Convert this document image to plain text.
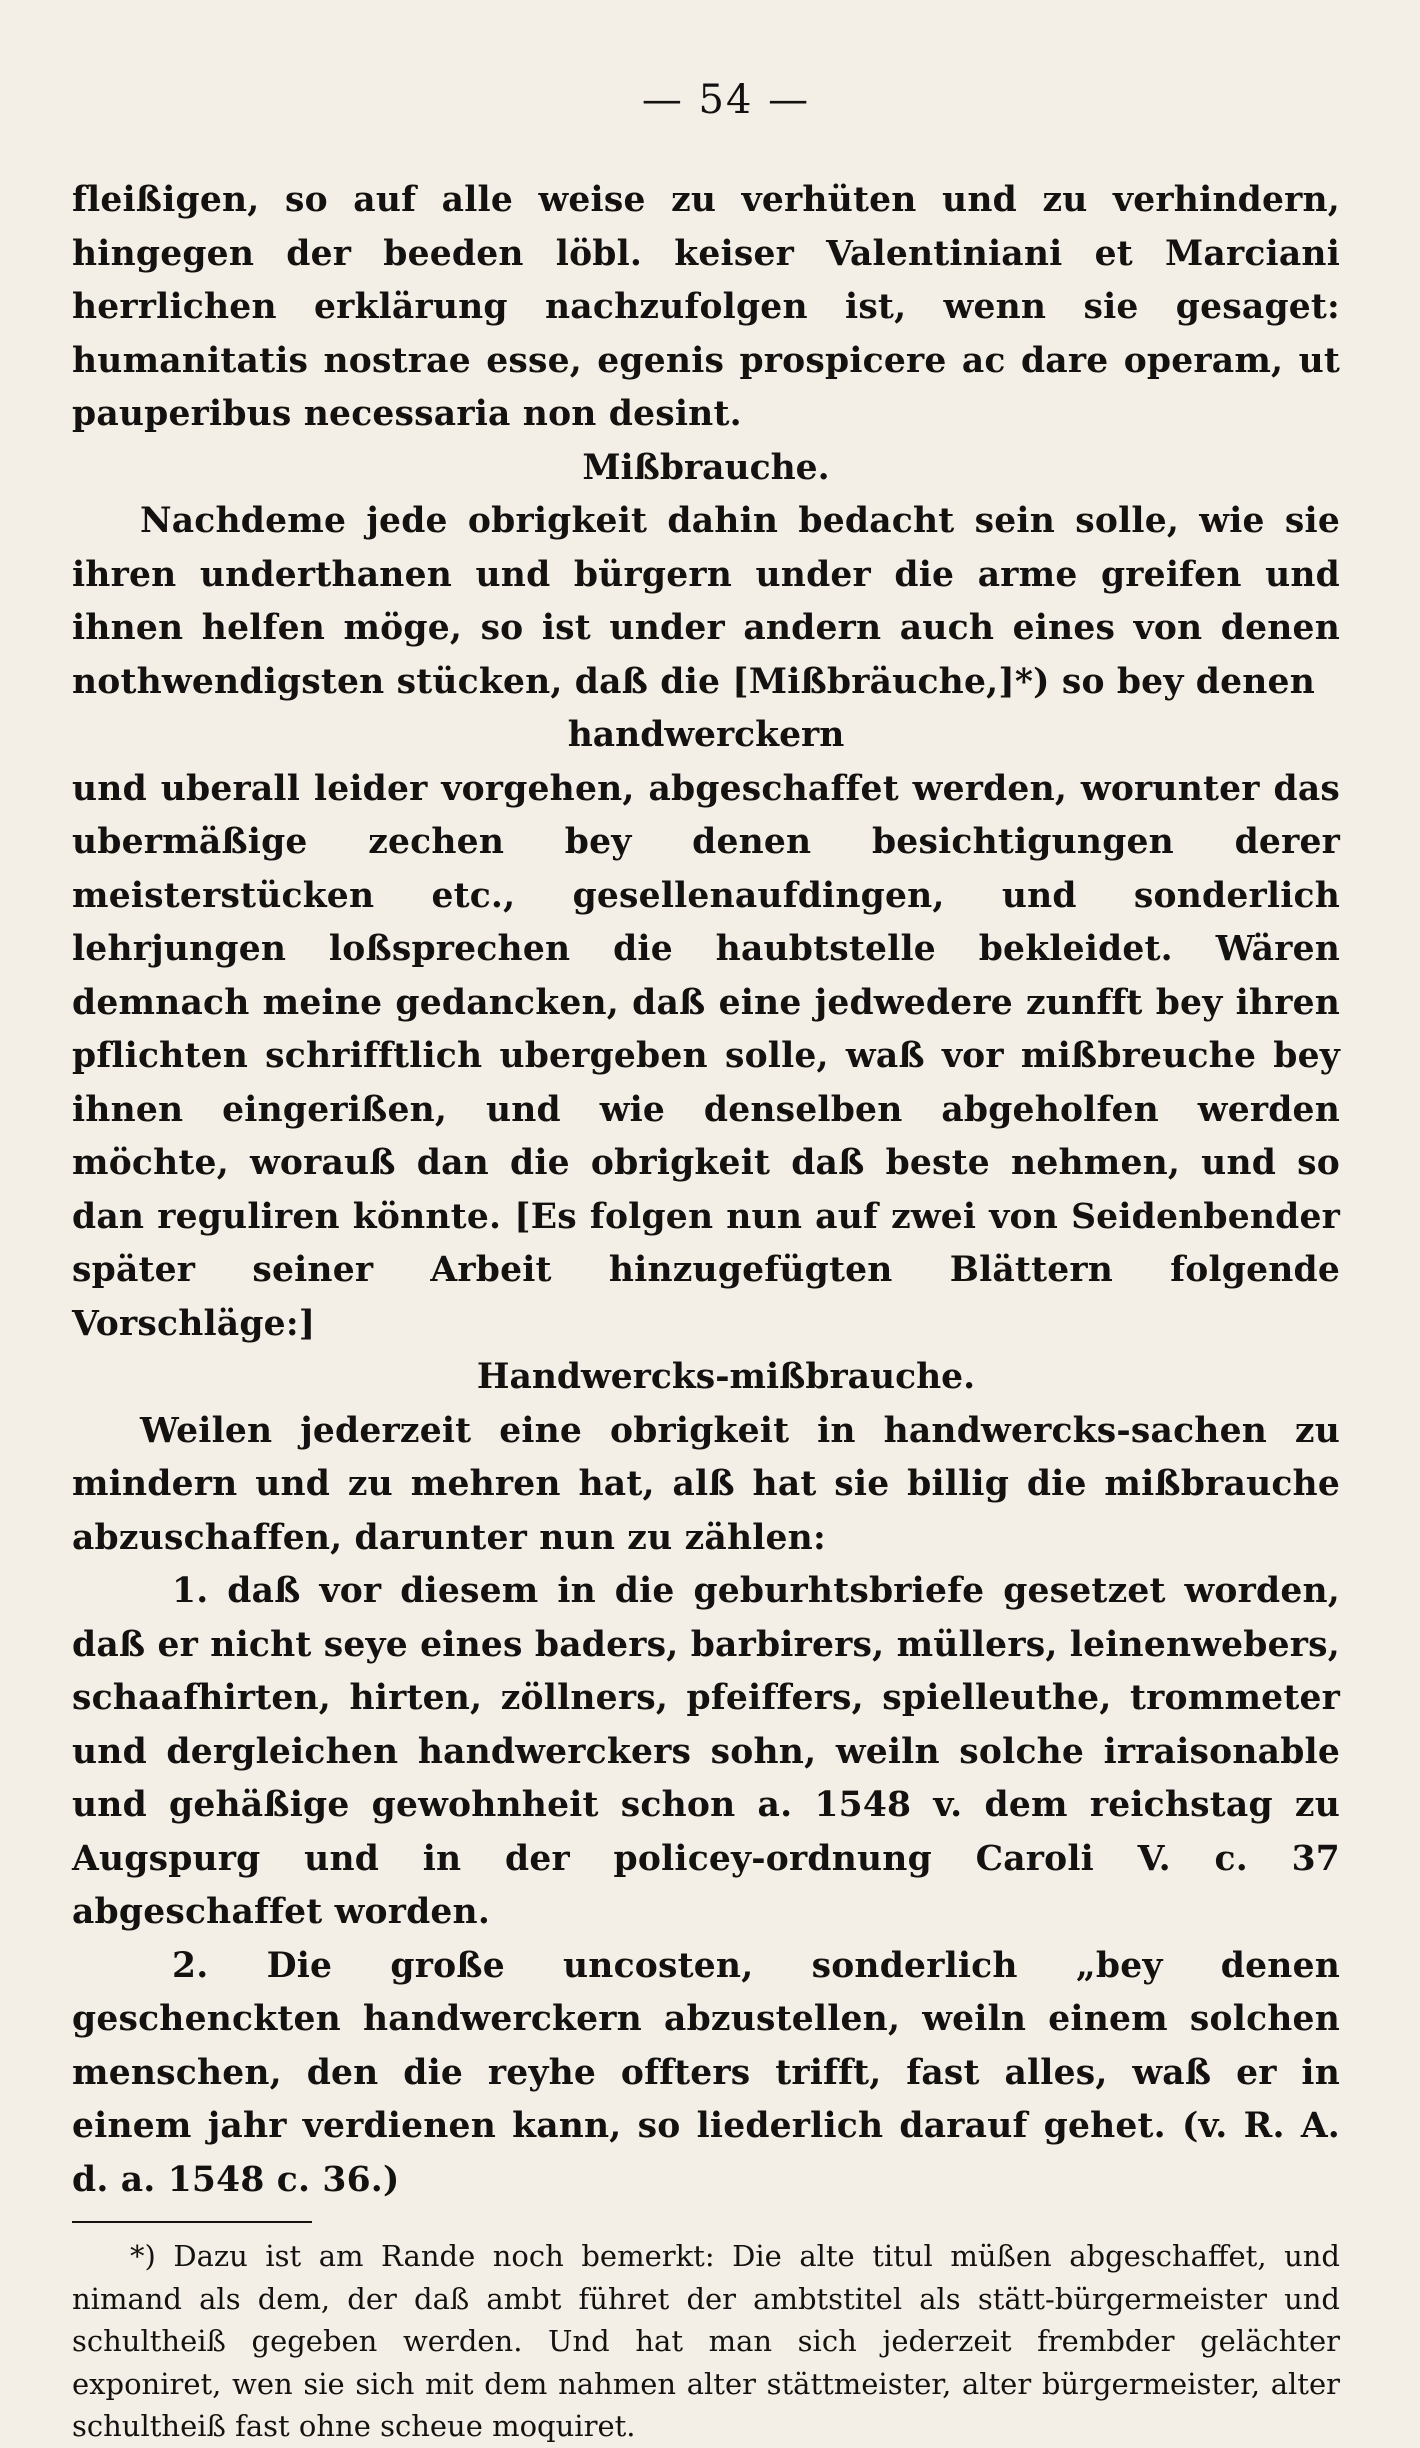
— 54 —

fleißigen, so auf alle weise zu verhüten und zu verhindern, hingegen der beeden löbl. keiser Valentiniani et Marciani herrlichen erklärung nachzufolgen ist, wenn sie gesaget: humanitatis nostrae esse, egenis prospicere ac dare operam, ut pauperibus necessaria non desint.

Mißbrauche.

Nachdeme jede obrigkeit dahin bedacht sein solle, wie sie ihren underthanen und bürgern under die arme greifen und ihnen helfen möge, so ist under andern auch eines von denen nothwendigsten stücken, daß die [Mißbräuche,]*) so bey denen

handwerckern

und uberall leider vorgehen, abgeschaffet werden, worunter das ubermäßige zechen bey denen besichtigungen derer meisterstücken etc., gesellenaufdingen, und sonderlich lehrjungen loßsprechen die haubtstelle bekleidet. Wären demnach meine gedancken, daß eine jedwedere zunfft bey ihren pflichten schrifftlich ubergeben solle, waß vor mißbreuche bey ihnen eingerißen, und wie denselben abgeholfen werden möchte, worauß dan die obrigkeit daß beste nehmen, und so dan reguliren könnte. [Es folgen nun auf zwei von Seidenbender später seiner Arbeit hinzugefügten Blättern folgende Vorschläge:]

Handwercks-mißbrauche.

Weilen jederzeit eine obrigkeit in handwercks-sachen zu mindern und zu mehren hat, alß hat sie billig die mißbrauche abzuschaffen, darunter nun zu zählen:

1. daß vor diesem in die geburhtsbriefe gesetzet worden, daß er nicht seye eines baders, barbirers, müllers, leinenwebers, schaafhirten, hirten, zöllners, pfeiffers, spielleuthe, trommeter und dergleichen handwerckers sohn, weiln solche irraisonable und gehäßige gewohnheit schon a. 1548 v. dem reichstag zu Augspurg und in der policey-ordnung Caroli V. c. 37 abgeschaffet worden.

2. Die große uncosten, sonderlich „bey denen geschenckten handwerckern abzustellen, weiln einem solchen menschen, den die reyhe offters trifft, fast alles, waß er in einem jahr verdienen kann, so liederlich darauf gehet. (v. R. A. d. a. 1548 c. 36.)

*) Dazu ist am Rande noch bemerkt: Die alte titul müßen abgeschaffet, und nimand als dem, der daß ambt führet der ambtstitel als stätt-bürgermeister und schultheiß gegeben werden. Und hat man sich jederzeit frembder gelächter exponiret, wen sie sich mit dem nahmen alter stättmeister, alter bürgermeister, alter schultheiß fast ohne scheue moquiret.
